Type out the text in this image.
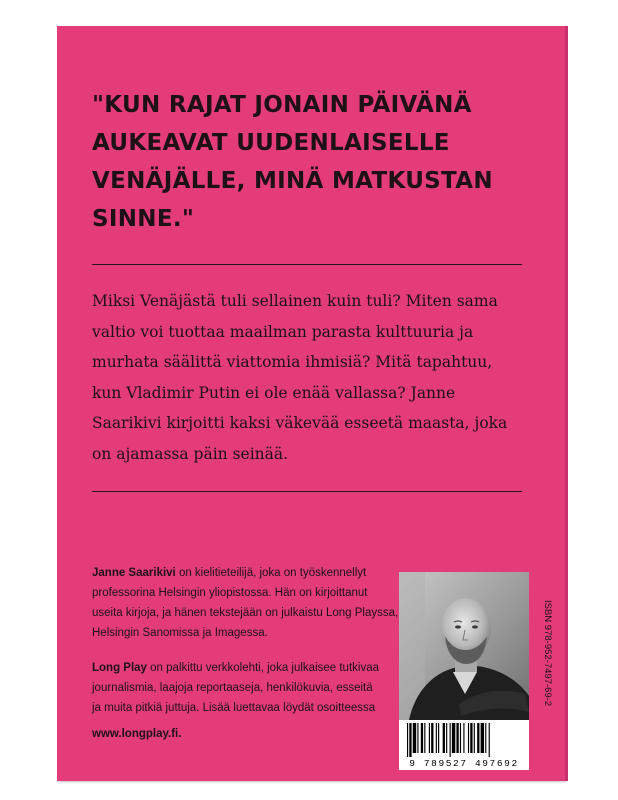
"KUN RAJAT JONAIN PÄIVÄNÄ
AUKEAVAT UUDENLAISELLE
VENÄJÄLLE, MINÄ MATKUSTAN
SINNE."

Miksi Venäjästä tuli sellainen kuin tuli? Miten sama
valtio voi tuottaa maailman parasta kulttuuria ja
murhata säälittä viattomia ihmisiä? Mitä tapahtuu,
kun Vladimir Putin ei ole enää vallassa? Janne
Saarikivi kirjoitti kaksi väkevää esseetä maasta, joka
on ajamassa päin seinää.

Janne Saarikivi on kielitieteilijä, joka on työskennellyt
professorina Helsingin yliopistossa. Hän on kirjoittanut
useita kirjoja, ja hänen tekstejään on julkaistu Long Playssa,
Helsingin Sanomissa ja Imagessa.

Long Play on palkittu verkkolehti, joka julkaisee tutkivaa
journalismia, laajoja reportaaseja, henkilökuvia, esseitä
ja muita pitkiä juttuja. Lisää luettavaa löydät osoitteessa

www.longplay.fi.

ISBN 978-952-7497-69-2
9 789527 497692
